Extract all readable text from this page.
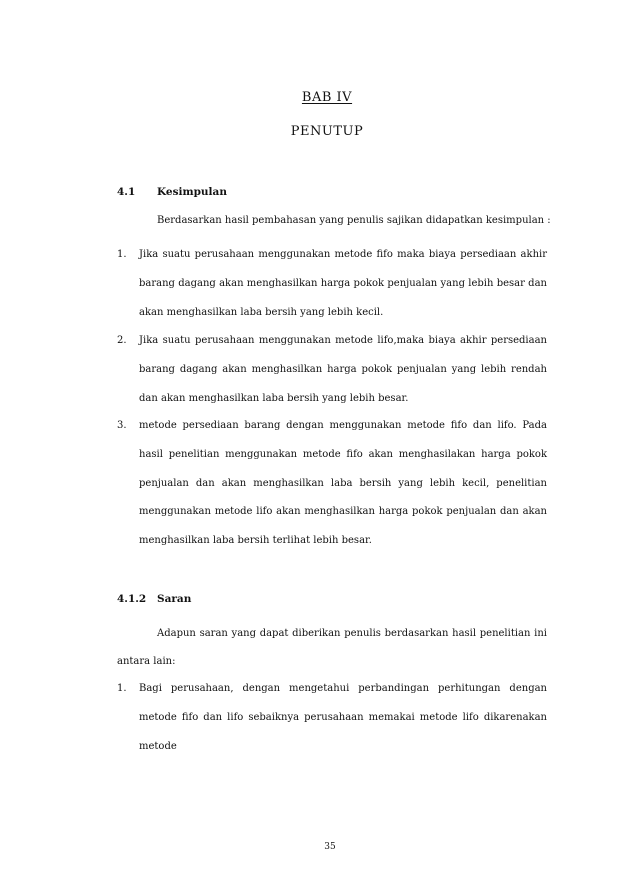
BAB IV
PENUTUP
4.1 Kesimpulan
Berdasarkan hasil pembahasan yang penulis sajikan didapatkan kesimpulan :
1. Jika suatu perusahaan menggunakan metode fifo maka biaya persediaan akhir barang dagang akan menghasilkan harga pokok penjualan yang lebih besar dan akan menghasilkan laba bersih yang lebih kecil.
2. Jika suatu perusahaan menggunakan metode lifo,maka biaya akhir persediaan barang dagang akan menghasilkan harga pokok penjualan yang lebih rendah dan akan menghasilkan laba bersih yang lebih besar.
3. metode persediaan barang dengan menggunakan metode fifo dan lifo. Pada hasil penelitian menggunakan metode fifo akan menghasilakan harga pokok penjualan dan akan menghasilkan laba bersih yang lebih kecil, penelitian menggunakan metode lifo akan menghasilkan harga pokok penjualan dan akan menghasilkan laba bersih terlihat lebih besar.
4.1.2 Saran
Adapun saran yang dapat diberikan penulis berdasarkan hasil penelitian ini antara lain:
1. Bagi perusahaan, dengan mengetahui perbandingan perhitungan dengan metode fifo dan lifo sebaiknya perusahaan memakai metode lifo dikarenakan metode
35
